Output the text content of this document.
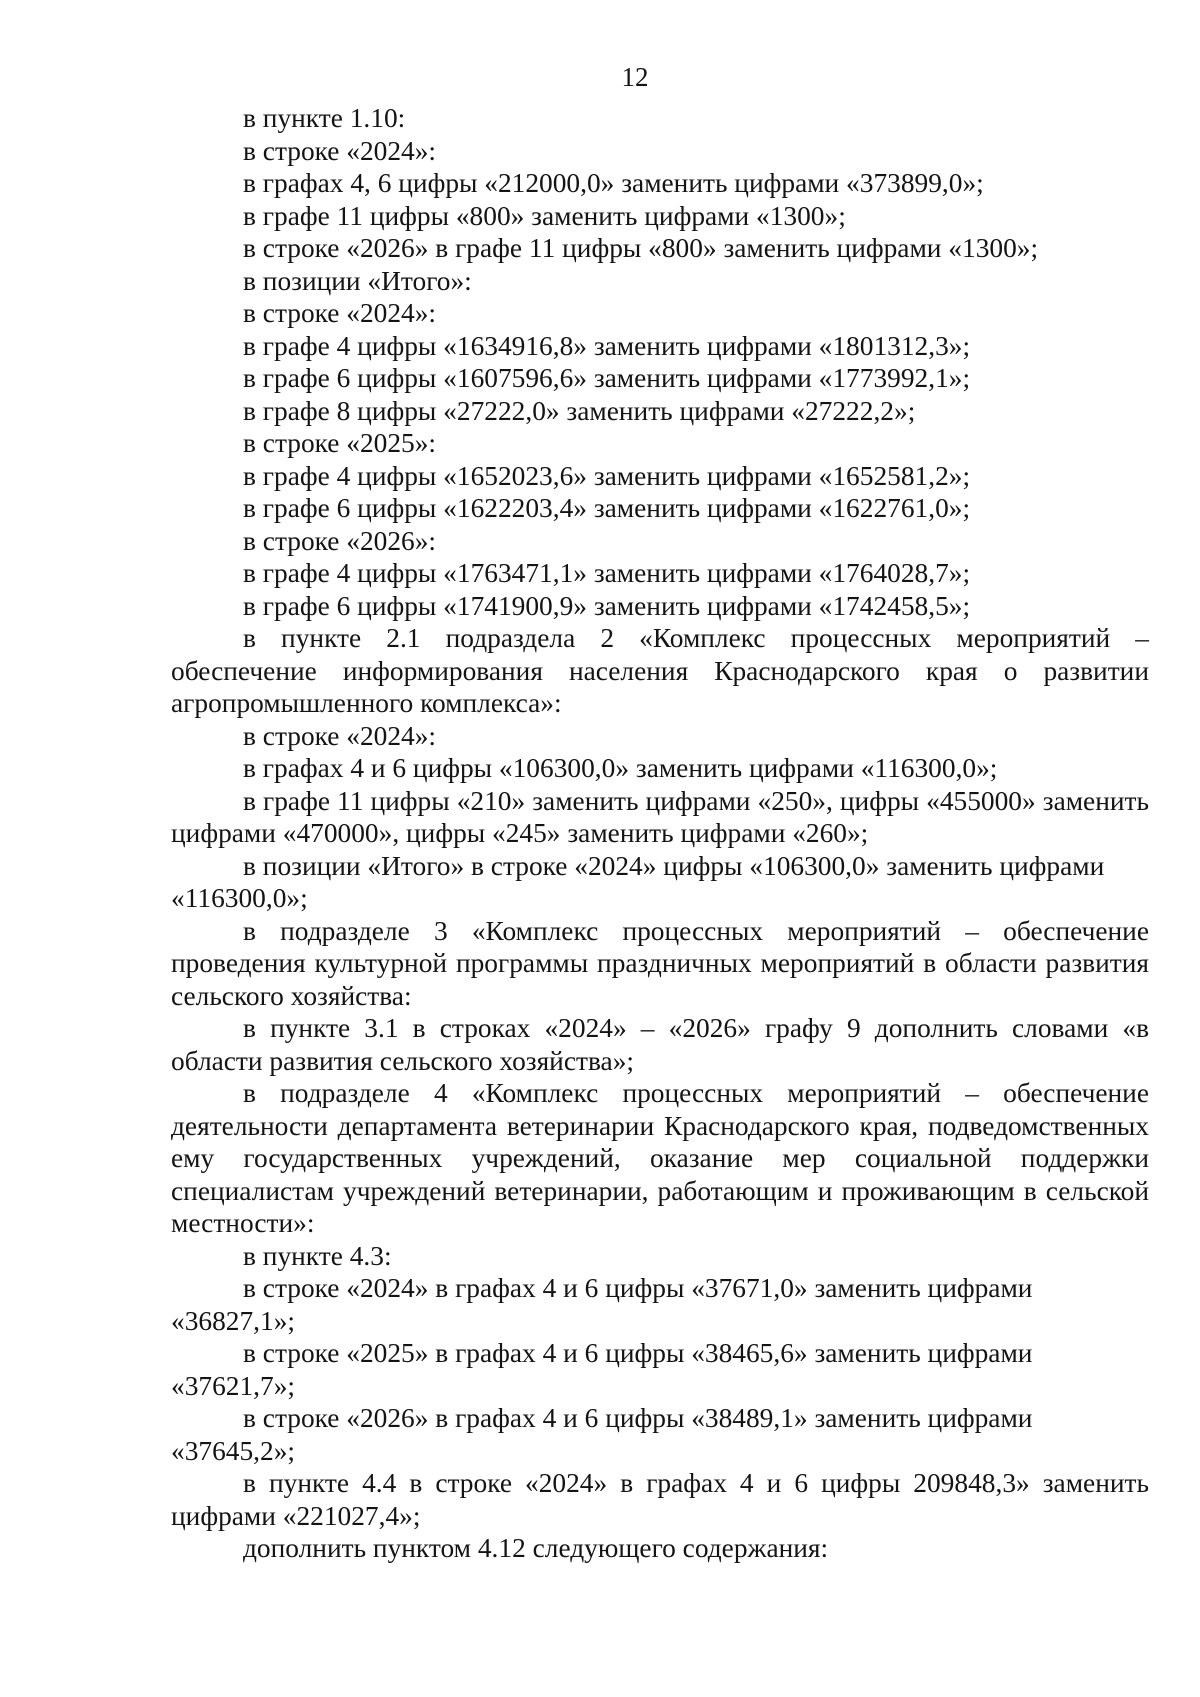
12

в пункте 1.10:

в строке «2024»:

в графах 4, 6 цифры «212000,0» заменить цифрами «373899,0»;

в графе 11 цифры «800» заменить цифрами «1300»;

в строке «2026» в графе 11 цифры «800» заменить цифрами «1300»;

в позиции «Итого»:

в строке «2024»:

в графе 4 цифры «1634916,8» заменить цифрами «1801312,3»;

в графе 6 цифры «1607596,6» заменить цифрами «1773992,1»;

в графе 8 цифры «27222,0» заменить цифрами «27222,2»;

в строке «2025»:

в графе 4 цифры «1652023,6» заменить цифрами «1652581,2»;

в графе 6 цифры «1622203,4» заменить цифрами «1622761,0»;

в строке «2026»:

в графе 4 цифры «1763471,1» заменить цифрами «1764028,7»;

в графе 6 цифры «1741900,9» заменить цифрами «1742458,5»;

в пункте 2.1 подраздела 2 «Комплекс процессных мероприятий – обеспечение информирования населения Краснодарского края о развитии агропромышленного комплекса»:

в строке «2024»:

в графах 4 и 6 цифры «106300,0» заменить цифрами «116300,0»;

в графе 11 цифры «210» заменить цифрами «250», цифры «455000» заменить цифрами «470000», цифры «245» заменить цифрами «260»;

в позиции «Итого» в строке «2024» цифры «106300,0» заменить цифрами «116300,0»;

в подразделе 3 «Комплекс процессных мероприятий – обеспечение проведения культурной программы праздничных мероприятий в области развития сельского хозяйства:

в пункте 3.1 в строках «2024» – «2026» графу 9 дополнить словами «в области развития сельского хозяйства»;

в подразделе 4 «Комплекс процессных мероприятий – обеспечение деятельности департамента ветеринарии Краснодарского края, подведомственных ему государственных учреждений, оказание мер социальной поддержки специалистам учреждений ветеринарии, работающим и проживающим в сельской местности»:

в пункте 4.3:

в строке «2024» в графах 4 и 6 цифры «37671,0» заменить цифрами «36827,1»;

в строке «2025» в графах 4 и 6 цифры «38465,6» заменить цифрами «37621,7»;

в строке «2026» в графах 4 и 6 цифры «38489,1» заменить цифрами «37645,2»;

в пункте 4.4 в строке «2024» в графах 4 и 6 цифры 209848,3» заменить цифрами «221027,4»;

дополнить пунктом 4.12 следующего содержания:
